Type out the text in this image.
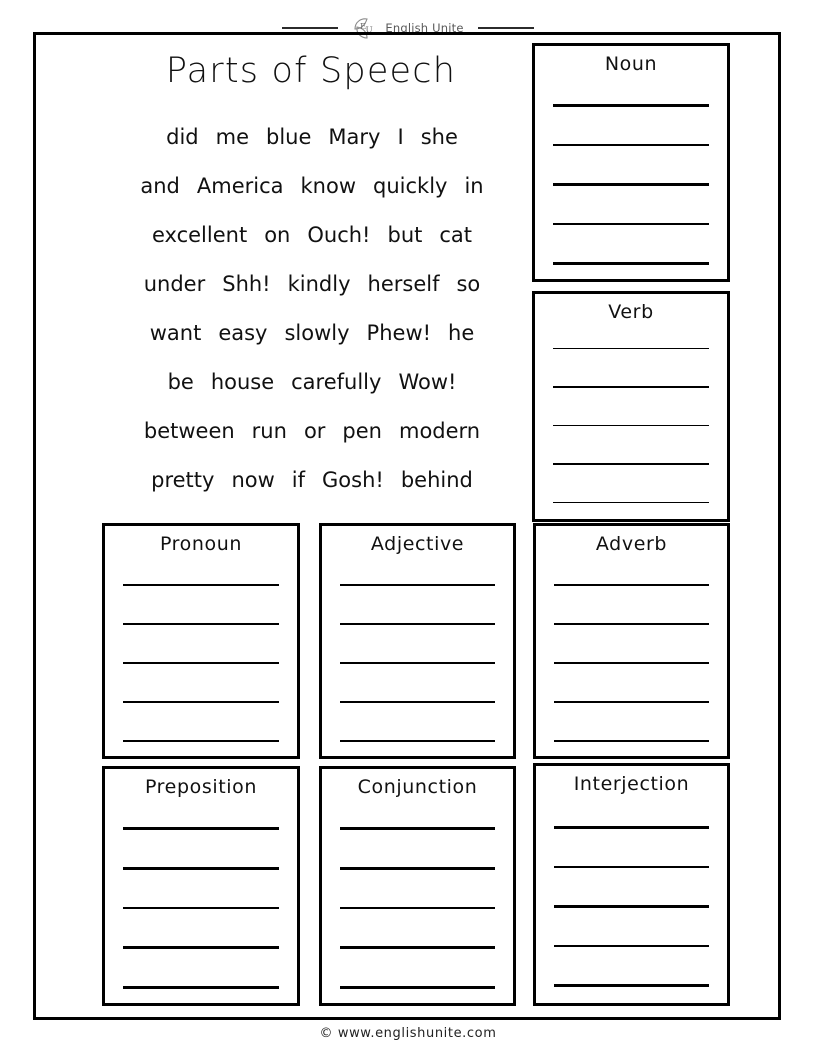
E U English Unite
Parts of Speech
did me blue Mary I she
and America know quickly in
excellent on Ouch! but cat
under Shh! kindly herself so
want easy slowly Phew! he
be house carefully Wow!
between run or pen modern
pretty now if Gosh! behind
Noun
Verb
Pronoun	Adjective	Adverb
Preposition	Conjunction	Interjection
© www.englishunite.com
